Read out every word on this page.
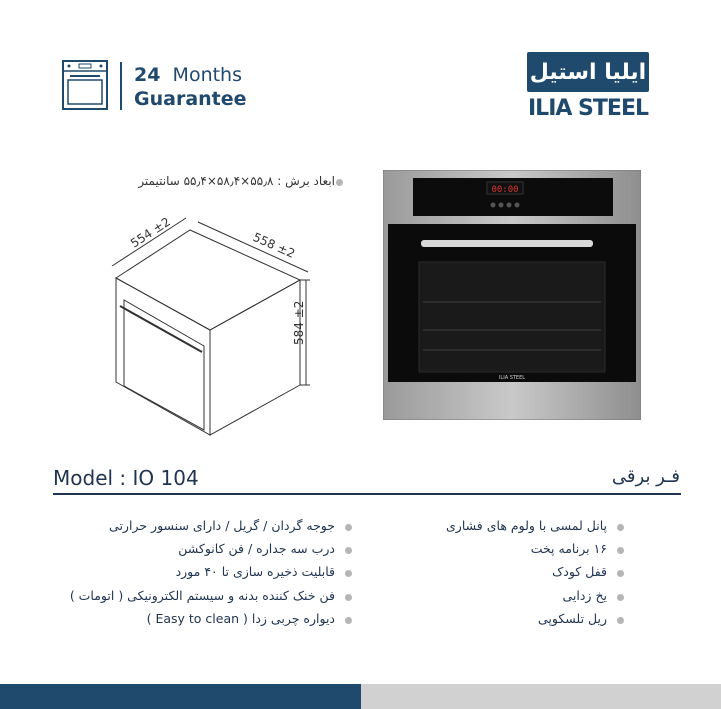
24 Months
Guarantee
ایلیا استیل
ILIA STEEL
ابعاد برش : ۵۵٫۸×۵۸٫۴×۵۵٫۴ سانتیمتر
554 ±2	558 ±2
584 ±2
00:00
ILIA STEEL
Model : IO 104	فـر برقی
پانل لمسی با ولوم های فشاری
۱۶ برنامه پخت
قفل کودک
یخ زدایی
ریل تلسکوپی
جوجه گردان / گریل / دارای سنسور حرارتی
درب سه جداره / فن کانوکشن
قابلیت ذخیره سازی تا ۴۰ مورد
فن خنک کننده بدنه و سیستم الکترونیکی ( اتومات )
دیواره چربی زدا ( Easy to clean )
